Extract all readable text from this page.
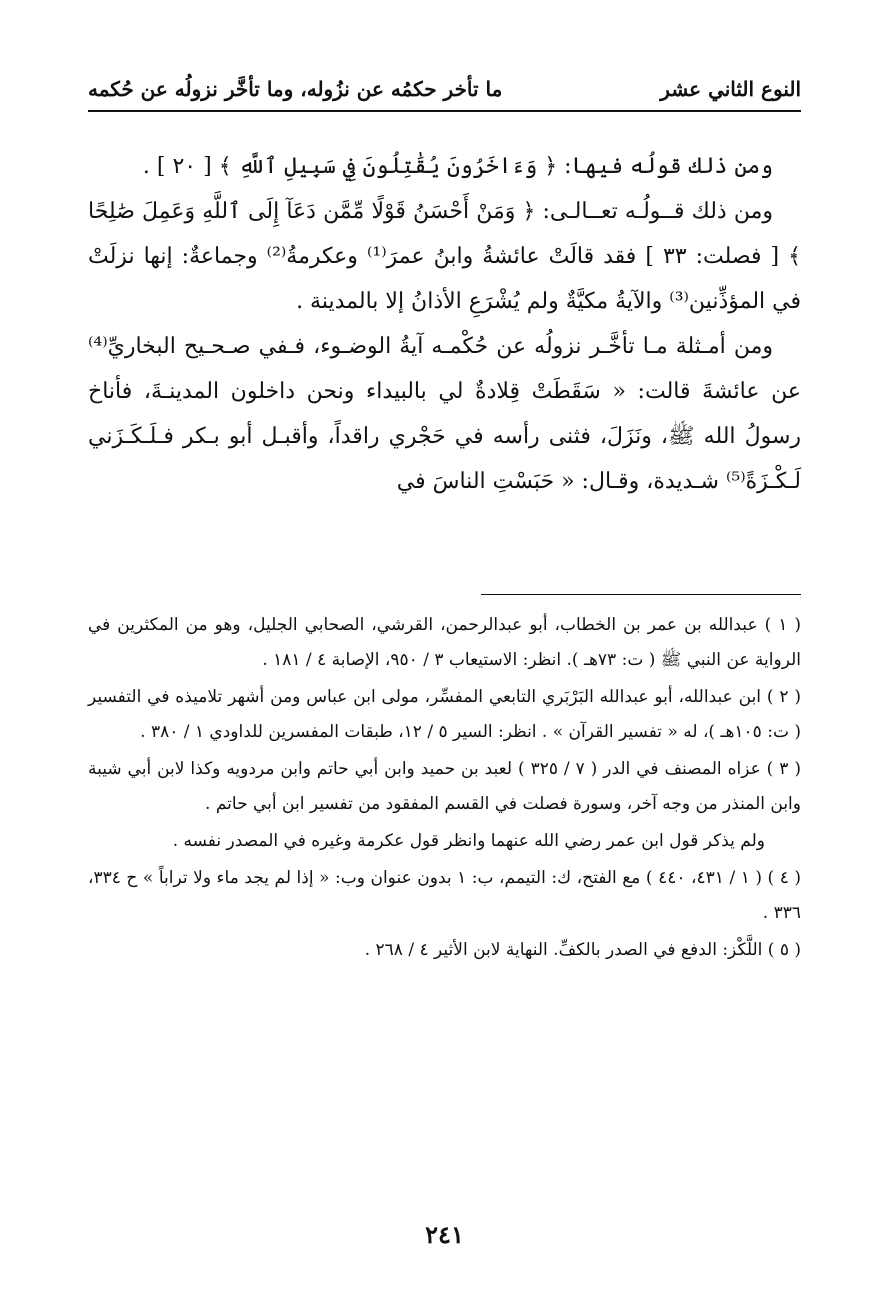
النوع الثاني عشر
ما تأخر حكمُه عن نزُوله، وما تأخَّر نزولُه عن حُكمه

ومن ذلك قولُه فيها: ﴿ وَءَاخَرُونَ يُقَٰتِلُونَ فِي سَبِيلِ ٱللَّهِ ﴾ [ ٢٠ ] .

ومن ذلك قــولُـه تعــالـى: ﴿ وَمَنْ أَحْسَنُ قَوْلًا مِّمَّن دَعَآ إِلَى ٱللَّهِ وَعَمِلَ صَٰلِحًا ﴾ [ فصلت: ٣٣ ] فقد قالَتْ عائشةُ وابنُ عمرَ⁽¹⁾ وعكرمةُ⁽²⁾ وجماعةٌ: إنها نزلَتْ في المؤذِّنين⁽³⁾ والآيةُ مكيَّةٌ ولم يُشْرَعِ الأذانُ إلا بالمدينة .

ومن أمـثلة مـا تأخَّـر نزولُه عن حُكْمـه آيةُ الوضـوء، فـفي صـحـيح البخاريِّ⁽⁴⁾ عن عائشةَ قالت: « سَقَطَتْ قِلادةٌ لي بالبيداء ونحن داخلون المدينـةَ، فأناخ رسولُ الله ﷺ، ونَزَلَ، فثنى رأسه في حَجْري راقداً، وأقبـل أبو بـكر فـلَـكَـزَني لَـكْـزَةً⁽⁵⁾ شـديدة، وقـال: « حَبَسْتِ الناسَ في

( ١ ) عبدالله بن عمر بن الخطاب، أبو عبدالرحمن، القرشي، الصحابي الجليل، وهو من المكثرين في الرواية عن النبي ﷺ ( ت: ٧٣هـ ). انظر: الاستيعاب ٣ / ٩٥٠، الإصابة ٤ / ١٨١ .

( ٢ ) ابن عبدالله، أبو عبدالله البَرْبَري التابعي المفسِّر، مولى ابن عباس ومن أشهر تلاميذه في التفسير ( ت: ١٠٥هـ )، له « تفسير القرآن » . انظر: السير ٥ / ١٢، طبقات المفسرين للداودي ١ / ٣٨٠ .

( ٣ ) عزاه المصنف في الدر ( ٧ / ٣٢٥ ) لعبد بن حميد وابن أبي حاتم وابن مردويه وكذا لابن أبي شيبة وابن المنذر من وجه آخر، وسورة فصلت في القسم المفقود من تفسير ابن أبي حاتم .

ولم يذكر قول ابن عمر رضي الله عنهما وانظر قول عكرمة وغيره في المصدر نفسه .

( ٤ ) ( ١ / ٤٣١، ٤٤٠ ) مع الفتح، ك: التيمم، ب: ١ بدون عنوان وب: « إذا لم يجد ماء ولا تراباً » ح ٣٣٤، ٣٣٦ .

( ٥ ) اللَّكْز: الدفع في الصدر بالكفِّ. النهاية لابن الأثير ٤ / ٢٦٨ .

٢٤١
